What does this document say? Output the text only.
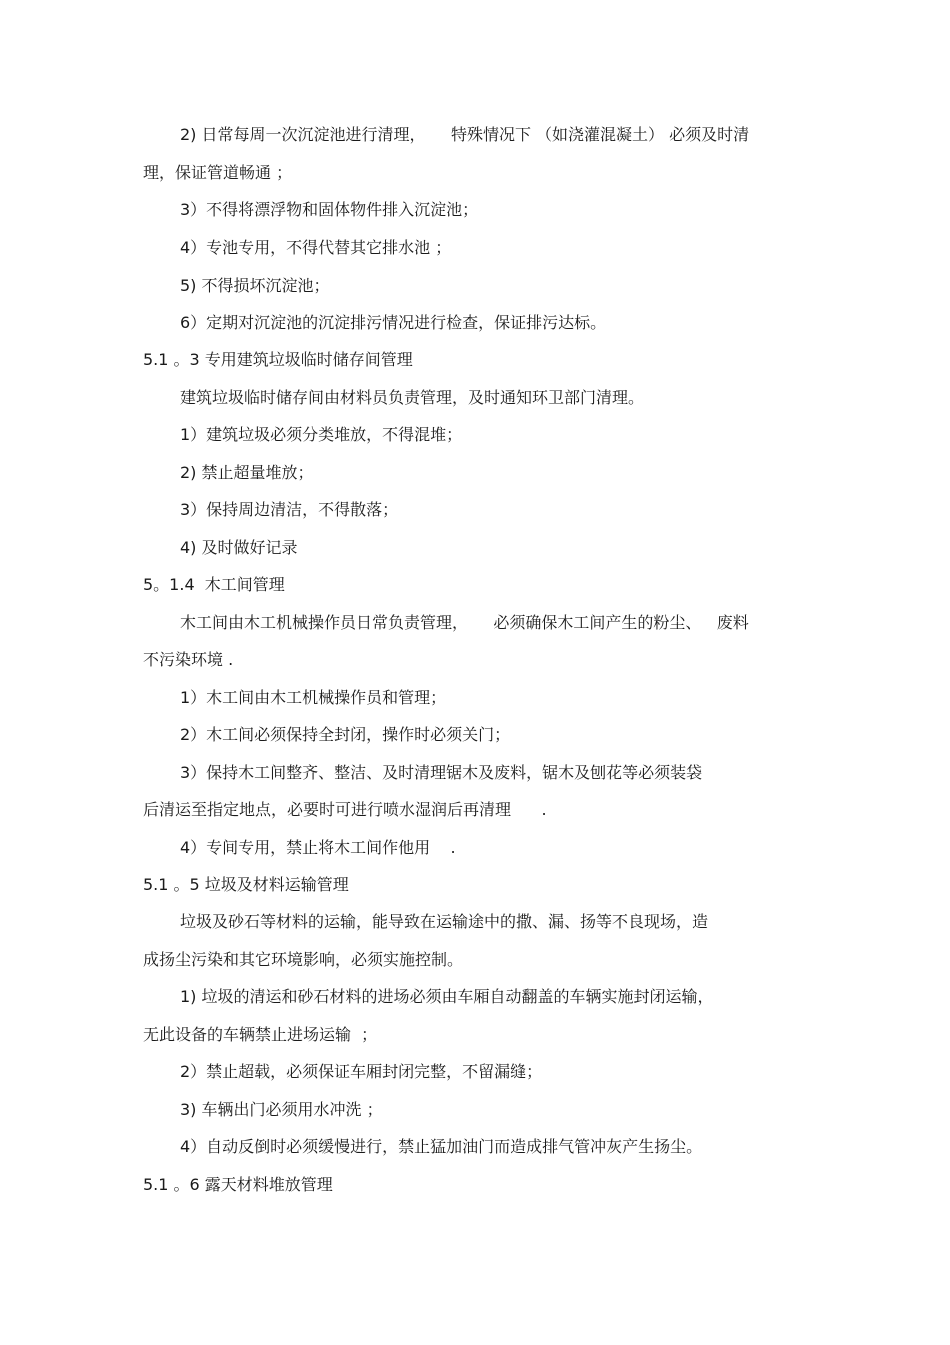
2) 日常每周一次沉淀池进行清理，     特殊情况下 （如浇灌混凝土） 必须及时清
理，保证管道畅通 ；
3）不得将漂浮物和固体物件排入沉淀池；
4）专池专用，不得代替其它排水池 ；
5) 不得损坏沉淀池；
6）定期对沉淀池的沉淀排污情况进行检查，保证排污达标。
5.1 。3 专用建筑垃圾临时储存间管理
建筑垃圾临时储存间由材料员负责管理，及时通知环卫部门清理。
1）建筑垃圾必须分类堆放，不得混堆；
2) 禁止超量堆放；
3）保持周边清洁，不得散落；
4) 及时做好记录
5。1.4  木工间管理
木工间由木工机械操作员日常负责管理，     必须确保木工间产生的粉尘、   废料
不污染环境 .
1）木工间由木工机械操作员和管理；
2）木工间必须保持全封闭，操作时必须关门；
3）保持木工间整齐、整洁、及时清理锯木及废料，锯木及刨花等必须装袋
后清运至指定地点，必要时可进行喷水湿润后再清理      .
4）专间专用，禁止将木工间作他用    .
5.1 。5 垃圾及材料运输管理
垃圾及砂石等材料的运输，能导致在运输途中的撒、漏、扬等不良现场，造
成扬尘污染和其它环境影响，必须实施控制。
1) 垃圾的清运和砂石材料的进场必须由车厢自动翻盖的车辆实施封闭运输，
无此设备的车辆禁止进场运输  ；
2）禁止超载，必须保证车厢封闭完整，不留漏缝；
3) 车辆出门必须用水冲洗 ；
4）自动反倒时必须缓慢进行，禁止猛加油门而造成排气管冲灰产生扬尘。
5.1 。6 露天材料堆放管理
